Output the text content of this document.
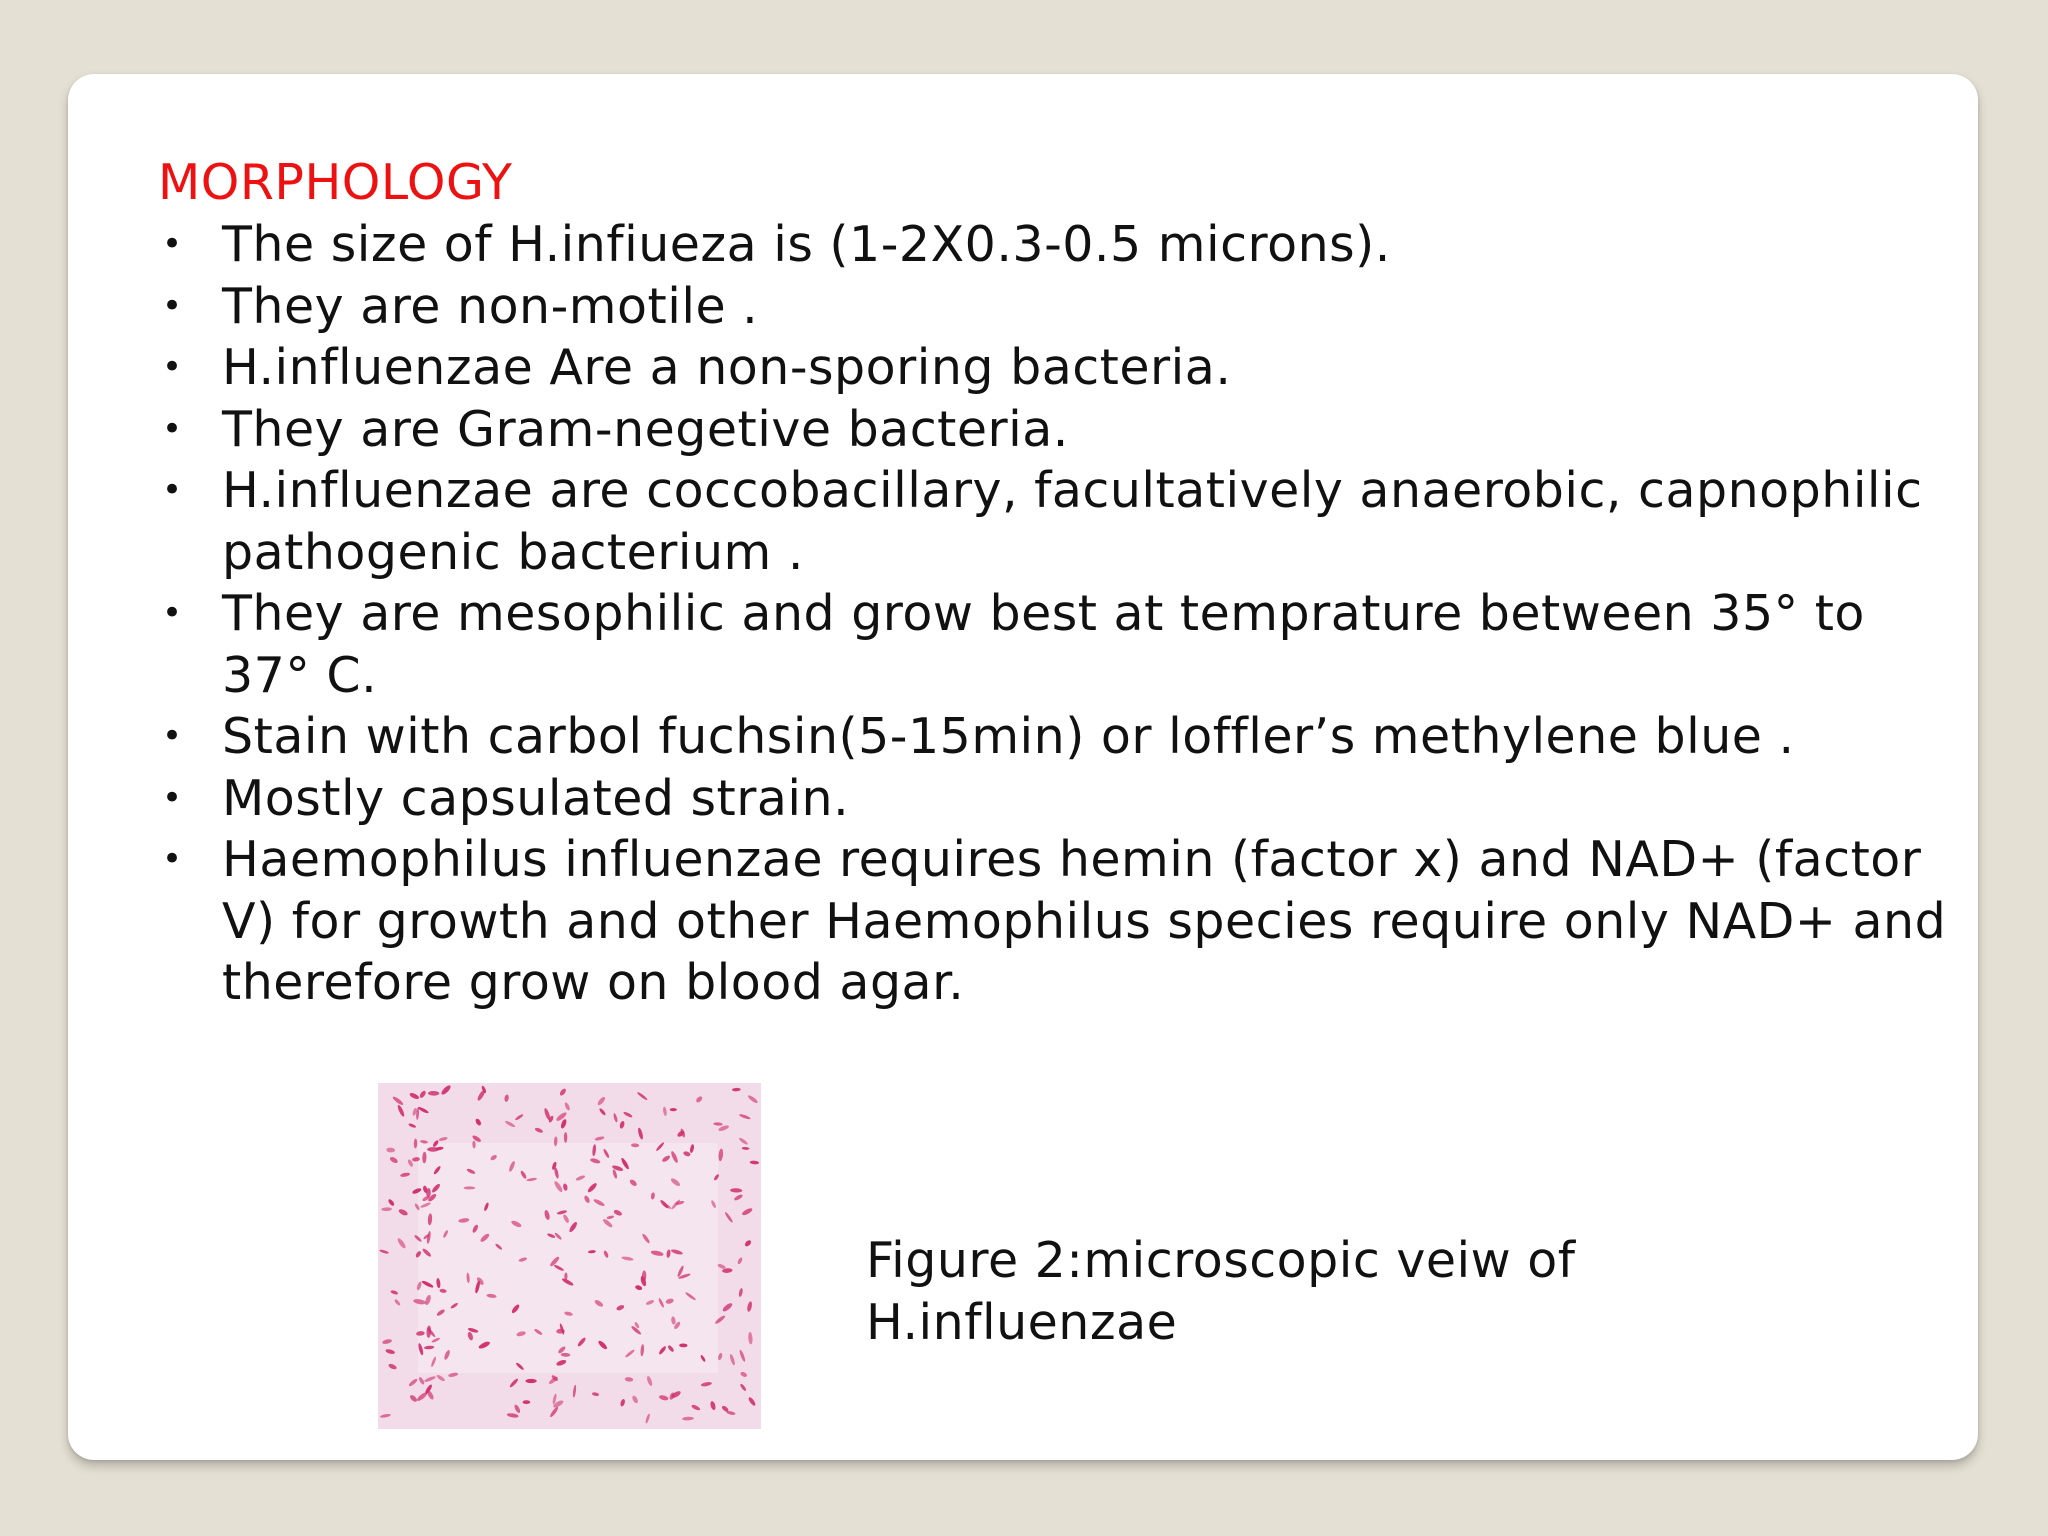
MORPHOLOGY
• The size of H.infiueza is (1-2X0.3-0.5 microns).
• They are non-motile .
• H.influenzae Are a non-sporing bacteria.
• They are Gram-negetive bacteria.
• H.influenzae are coccobacillary, facultatively anaerobic, capnophilic pathogenic bacterium .
• They are mesophilic and grow best at temprature between 35° to 37° C.
• Stain with carbol fuchsin(5-15min) or loffler’s methylene blue .
• Mostly capsulated strain.
• Haemophilus influenzae requires hemin (factor x) and NAD+ (factor V) for growth and other Haemophilus species require only NAD+ and therefore grow on blood agar.
Figure 2:microscopic veiw of
H.influenzae
